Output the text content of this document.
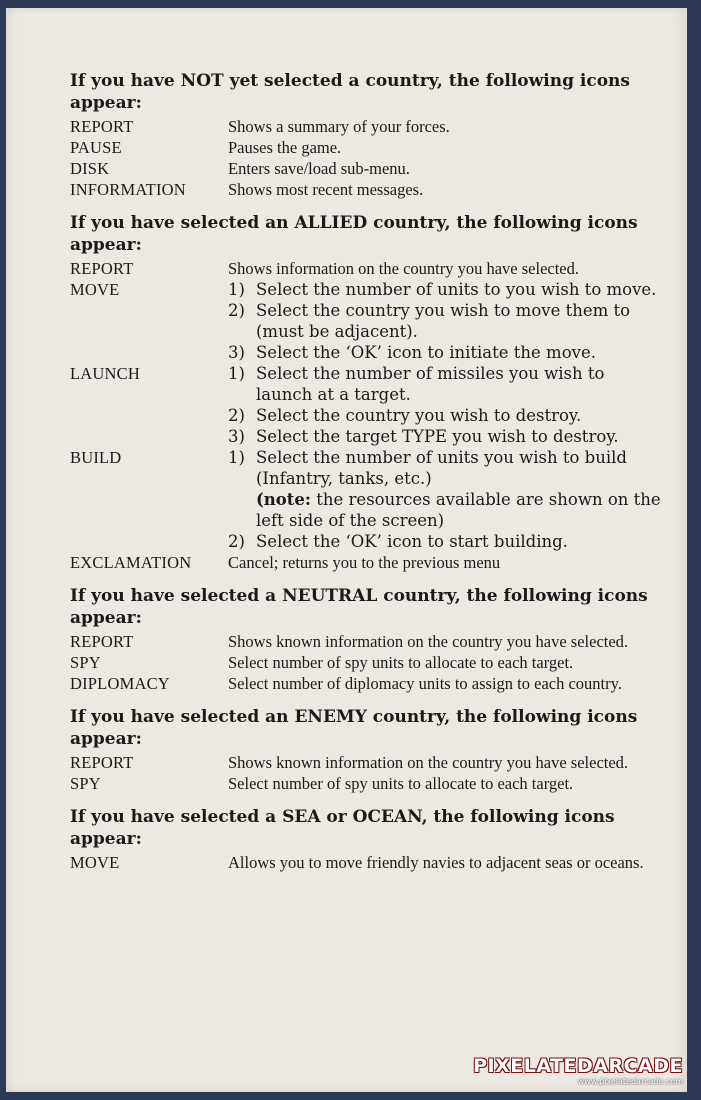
If you have NOT yet selected a country, the following icons appear:
REPORT	Shows a summary of your forces.
PAUSE	Pauses the game.
DISK	Enters save/load sub-menu.
INFORMATION	Shows most recent messages.
If you have selected an ALLIED country, the following icons appear:
REPORT	Shows information on the country you have selected.
MOVE	1) Select the number of units to you wish to move.
2) Select the country you wish to move them to (must be adjacent).
3) Select the ‘OK’ icon to initiate the move.
LAUNCH	1) Select the number of missiles you wish to launch at a target.
2) Select the country you wish to destroy.
3) Select the target TYPE you wish to destroy.
BUILD	1) Select the number of units you wish to build (Infantry, tanks, etc.)
(note: the resources available are shown on the left side of the screen)
2) Select the ‘OK’ icon to start building.
EXCLAMATION	Cancel; returns you to the previous menu
If you have selected a NEUTRAL country, the following icons appear:
REPORT	Shows known information on the country you have selected.
SPY	Select number of spy units to allocate to each target.
DIPLOMACY	Select number of diplomacy units to assign to each country.
If you have selected an ENEMY country, the following icons appear:
REPORT	Shows known information on the country you have selected.
SPY	Select number of spy units to allocate to each target.
If you have selected a SEA or OCEAN, the following icons appear:
MOVE	Allows you to move friendly navies to adjacent seas or oceans.
PIXELATEDARCADE
www.pixelatedarcade.com
